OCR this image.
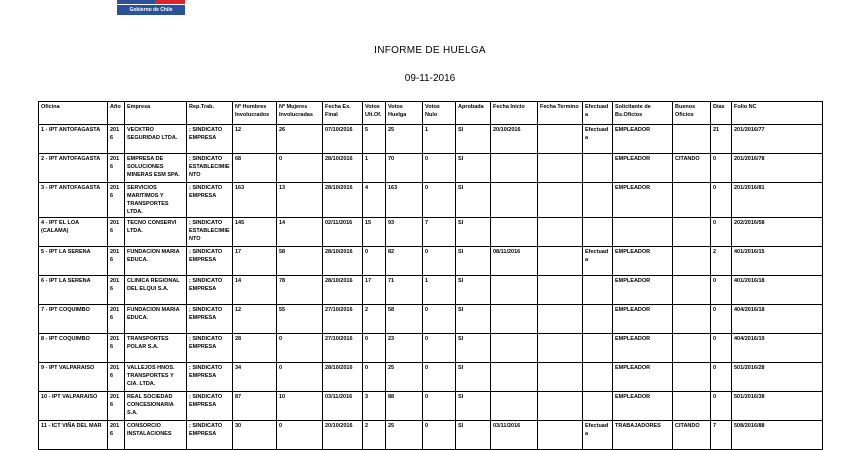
Gobierno de Chile
INFORME DE HUELGA
09-11-2016
Oficina	Año	Empresa	Rep.Trab.	Nº Hombres Involucrados	Nº Mujeres Involucradas	Fecha Ex. Final	Votos Ult.Of.	Votos Huelga	Votos Nulo	Aprobada	Fecha Inicio	Fecha Termino	Efectuada	Solicitante de Bs.Oficios	Buenos Oficios	Días	Folio NC
1 - IPT ANTOFAGASTA	2016	VECKTRO SEGURIDAD LTDA.	; SINDICATO EMPRESA	12	26	07/10/2016	5	25	1	SI	20/10/2016		Efectuada	EMPLEADOR		21	201/2016/77
2 - IPT ANTOFAGASTA	2016	EMPRESA DE SOLUCIONES MINERAS ESM SPA.	; SINDICATO ESTABLECIMIENTO	68	0	28/10/2016	1	70	0	SI				EMPLEADOR	CITANDO	0	201/2016/78
3 - IPT ANTOFAGASTA	2016	SERVICIOS MARITIMOS Y TRANSPORTES LTDA.	; SINDICATO EMPRESA	163	13	28/10/2016	4	163	0	SI				EMPLEADOR		0	201/2016/81
4 - IPT EL LOA (CALAMA)	2016	TECNO CONSERVI LTDA.	; SINDICATO ESTABLECIMIENTO	145	14	02/11/2016	15	93	7	SI						0	202/2016/58
5 - IPT LA SERENA	2016	FUNDACION MARIA EDUCA.	; SINDICATO EMPRESA	17	58	28/10/2016	0	82	0	SI	08/11/2016		Efectuada	EMPLEADOR		2	401/2016/15
6 - IPT LA SERENA	2016	CLINICA REGIONAL DEL ELQUI S.A.	; SINDICATO EMPRESA	14	78	28/10/2016	17	71	1	SI				EMPLEADOR		0	401/2016/18
7 - IPT COQUIMBO	2016	FUNDACION MARIA EDUCA.	; SINDICATO EMPRESA	12	55	27/10/2016	2	58	0	SI				EMPLEADOR		0	404/2016/18
8 - IPT COQUIMBO	2016	TRANSPORTES POLAR S.A.	; SINDICATO EMPRESA	28	0	27/10/2016	0	23	0	SI				EMPLEADOR		0	404/2016/19
9 - IPT VALPARAISO	2016	VALLEJOS HNOS. TRANSPORTES Y CIA. LTDA.	; SINDICATO EMPRESA	34	0	28/10/2016	0	25	0	SI				EMPLEADOR		0	501/2016/28
10 - IPT VALPARAISO	2016	REAL SOCIEDAD CONCESIONARIA S.A.	; SINDICATO EMPRESA	87	10	03/11/2016	3	88	0	SI				EMPLEADOR		0	501/2016/38
11 - ICT VIÑA DEL MAR	2016	CONSORCIO INSTALACIONES	; SINDICATO EMPRESA	30	0	20/10/2016	2	25	0	SI	03/11/2016		Efectuada	TRABAJADORES	CITANDO	7	508/2016/88
